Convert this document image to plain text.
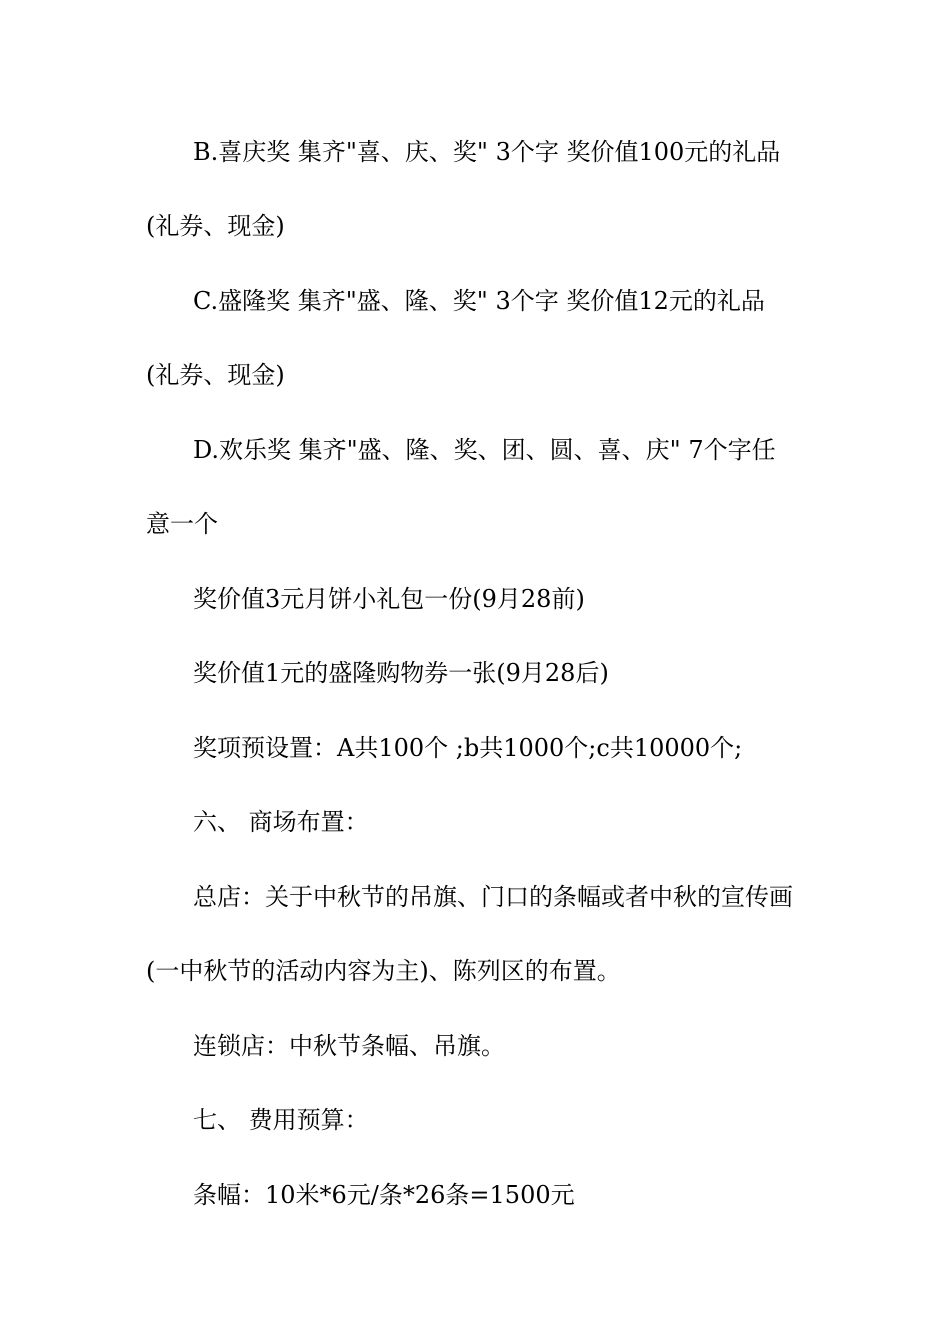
B.喜庆奖 集齐"喜、庆、奖" 3个字 奖价值100元的礼品
(礼券、现金)
C.盛隆奖 集齐"盛、隆、奖" 3个字 奖价值12元的礼品
(礼券、现金)
D.欢乐奖 集齐"盛、隆、奖、团、圆、喜、庆" 7个字任
意一个
奖价值3元月饼小礼包一份(9月28前)
奖价值1元的盛隆购物券一张(9月28后)
奖项预设置：A共100个 ;b共1000个;c共10000个;
六、 商场布置：
总店：关于中秋节的吊旗、门口的条幅或者中秋的宣传画
(一中秋节的活动内容为主)、陈列区的布置。
连锁店：中秋节条幅、吊旗。
七、 费用预算：
条幅：10米*6元/条*26条=1500元
